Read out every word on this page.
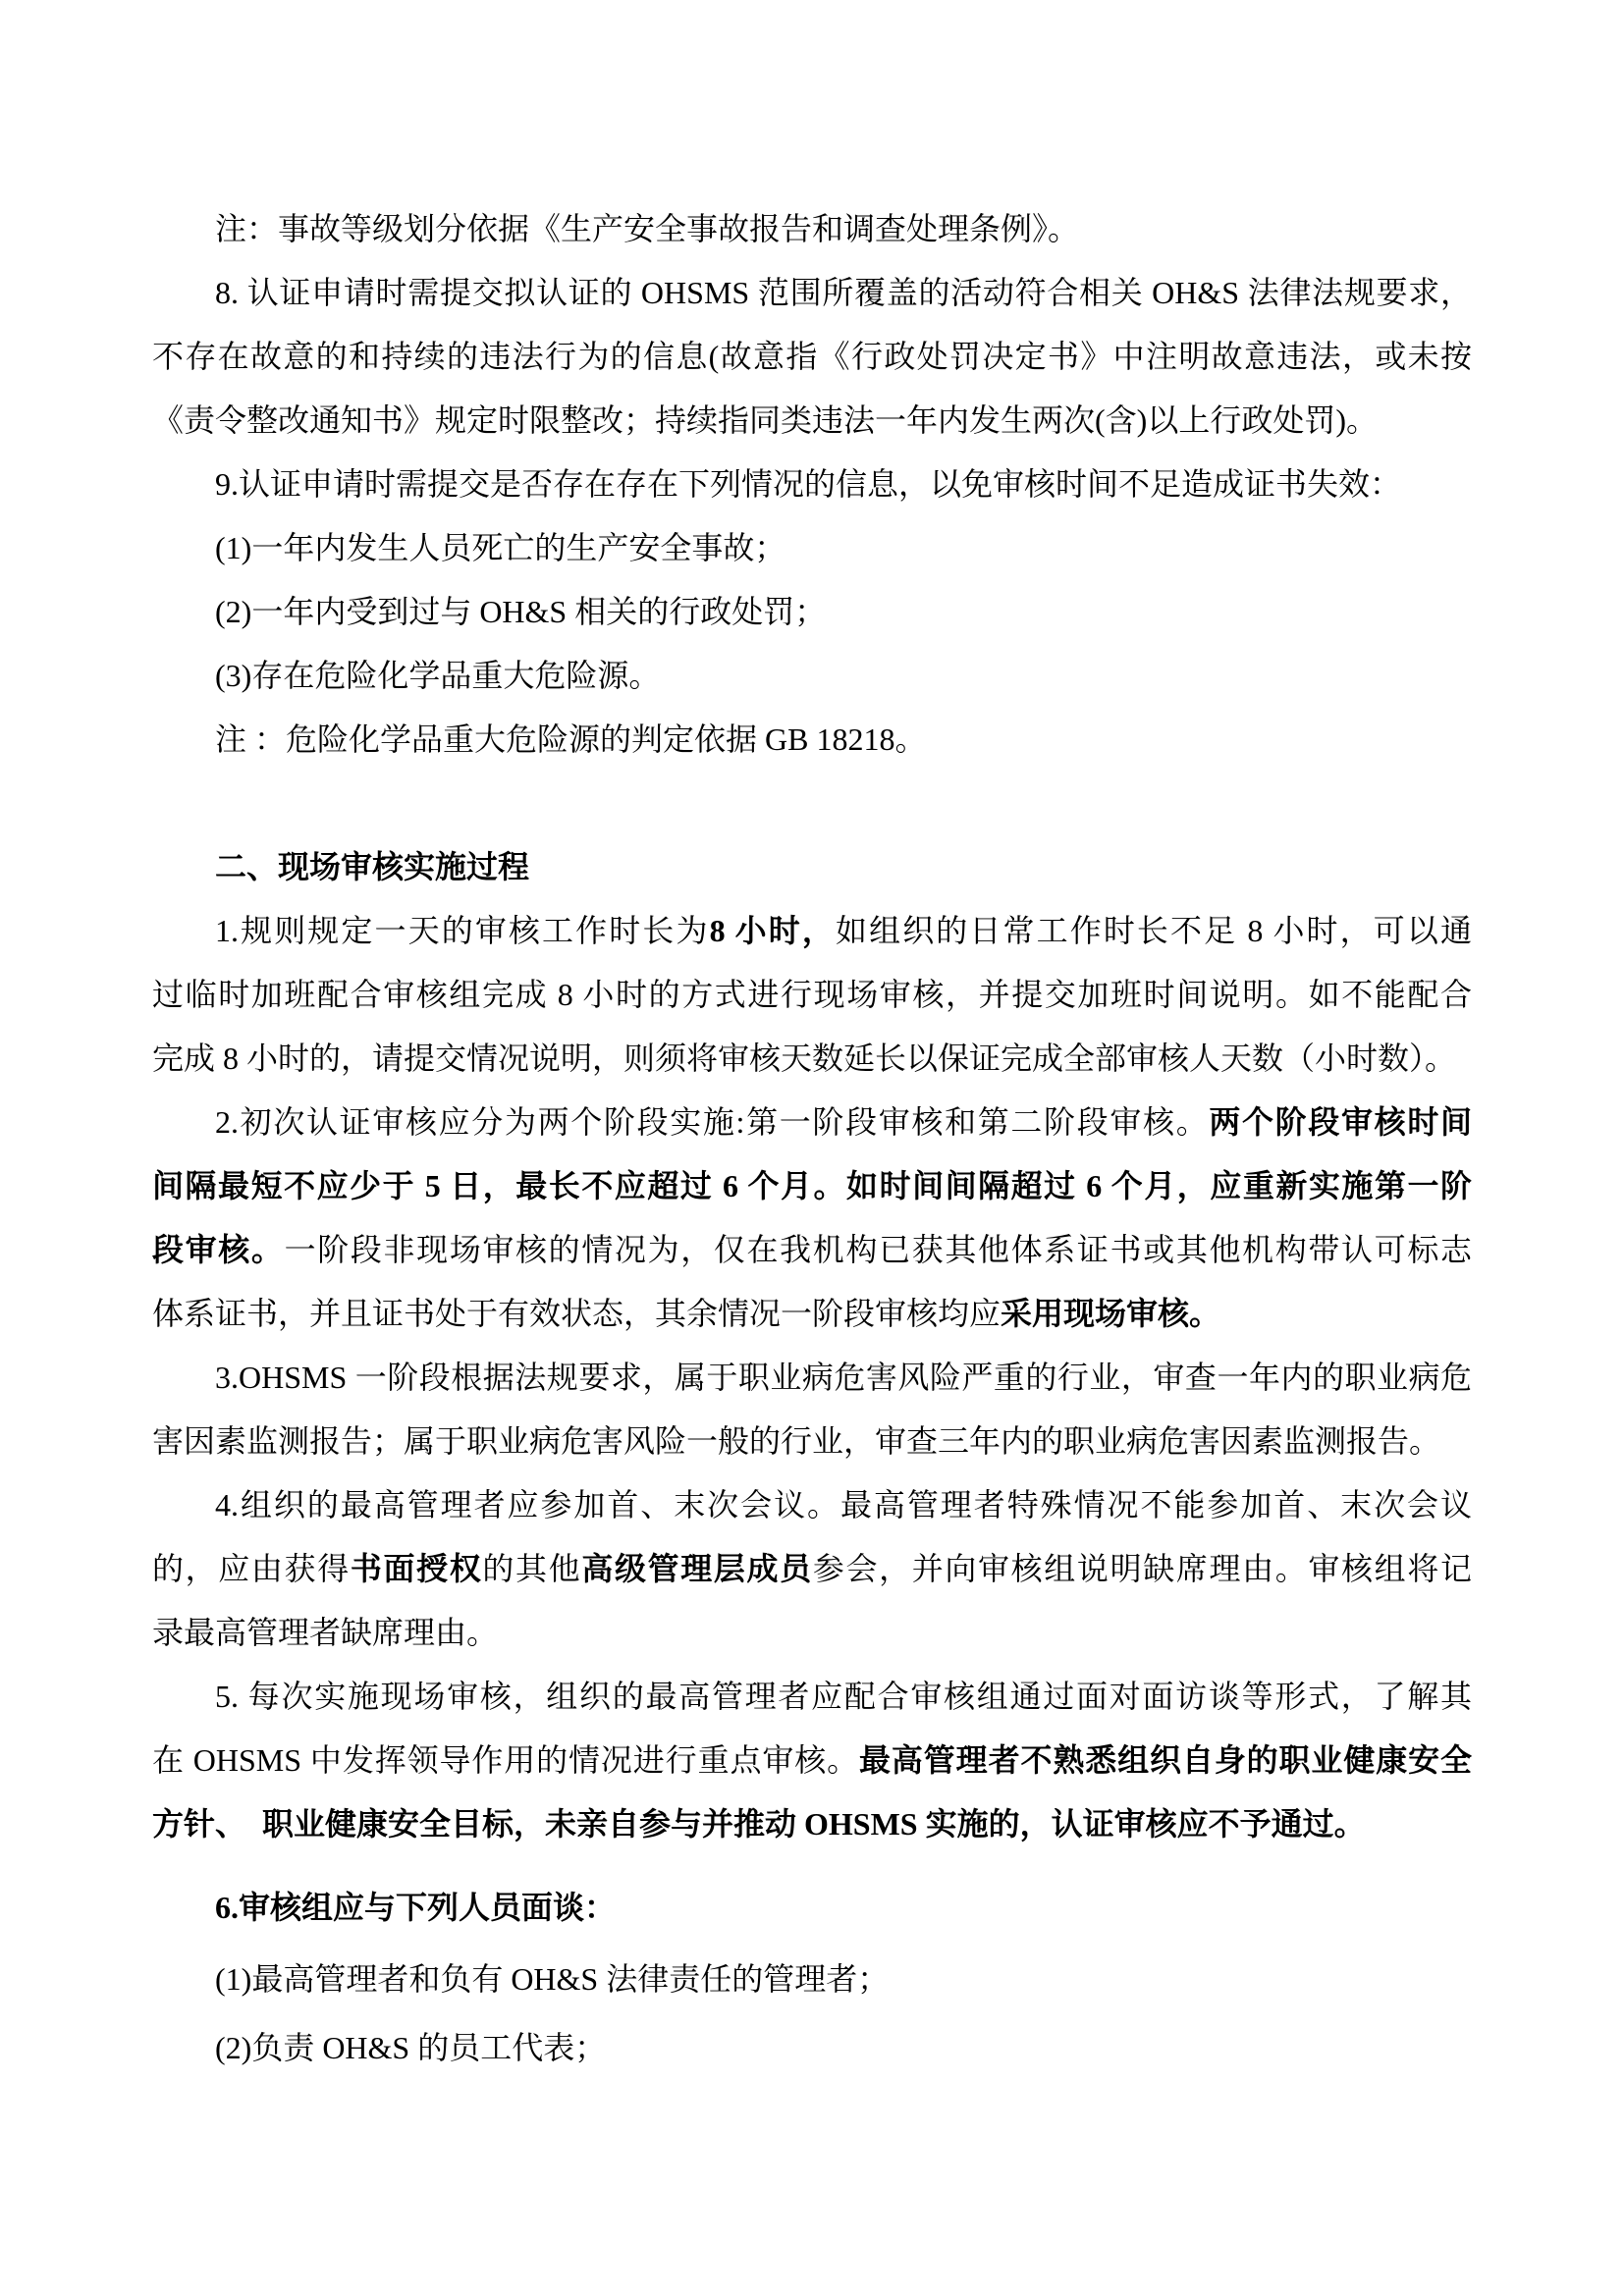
注：事故等级划分依据《生产安全事故报告和调查处理条例》。
8. 认证申请时需提交拟认证的 OHSMS 范围所覆盖的活动符合相关 OH&S 法律法规要求，
不存在故意的和持续的违法行为的信息(故意指《行政处罚决定书》中注明故意违法，或未按
《责令整改通知书》规定时限整改；持续指同类违法一年内发生两次(含)以上行政处罚)。
9.认证申请时需提交是否存在存在下列情况的信息，以免审核时间不足造成证书失效：
(1)一年内发生人员死亡的生产安全事故；
(2)一年内受到过与 OH&S 相关的行政处罚；
(3)存在危险化学品重大危险源。
注 ：危险化学品重大危险源的判定依据 GB 18218。
二、现场审核实施过程
1.规则规定一天的审核工作时长为8 小时，如组织的日常工作时长不足 8 小时，可以通
过临时加班配合审核组完成 8 小时的方式进行现场审核，并提交加班时间说明。如不能配合
完成 8 小时的，请提交情况说明，则须将审核天数延长以保证完成全部审核人天数（小时数）。
2.初次认证审核应分为两个阶段实施:第一阶段审核和第二阶段审核。两个阶段审核时间
间隔最短不应少于 5 日，最长不应超过 6 个月。如时间间隔超过 6 个月，应重新实施第一阶
段审核。一阶段非现场审核的情况为，仅在我机构已获其他体系证书或其他机构带认可标志
体系证书，并且证书处于有效状态，其余情况一阶段审核均应采用现场审核。
3.OHSMS 一阶段根据法规要求，属于职业病危害风险严重的行业，审查一年内的职业病危
害因素监测报告；属于职业病危害风险一般的行业，审查三年内的职业病危害因素监测报告。
4.组织的最高管理者应参加首、末次会议。最高管理者特殊情况不能参加首、末次会议
的，应由获得书面授权的其他高级管理层成员参会，并向审核组说明缺席理由。审核组将记
录最高管理者缺席理由。
5. 每次实施现场审核，组织的最高管理者应配合审核组通过面对面访谈等形式，了解其
在 OHSMS 中发挥领导作用的情况进行重点审核。最高管理者不熟悉组织自身的职业健康安全
方针、　职业健康安全目标，未亲自参与并推动 OHSMS 实施的，认证审核应不予通过。
6.审核组应与下列人员面谈：
(1)最高管理者和负有 OH&S 法律责任的管理者；
(2)负责 OH&S 的员工代表；
